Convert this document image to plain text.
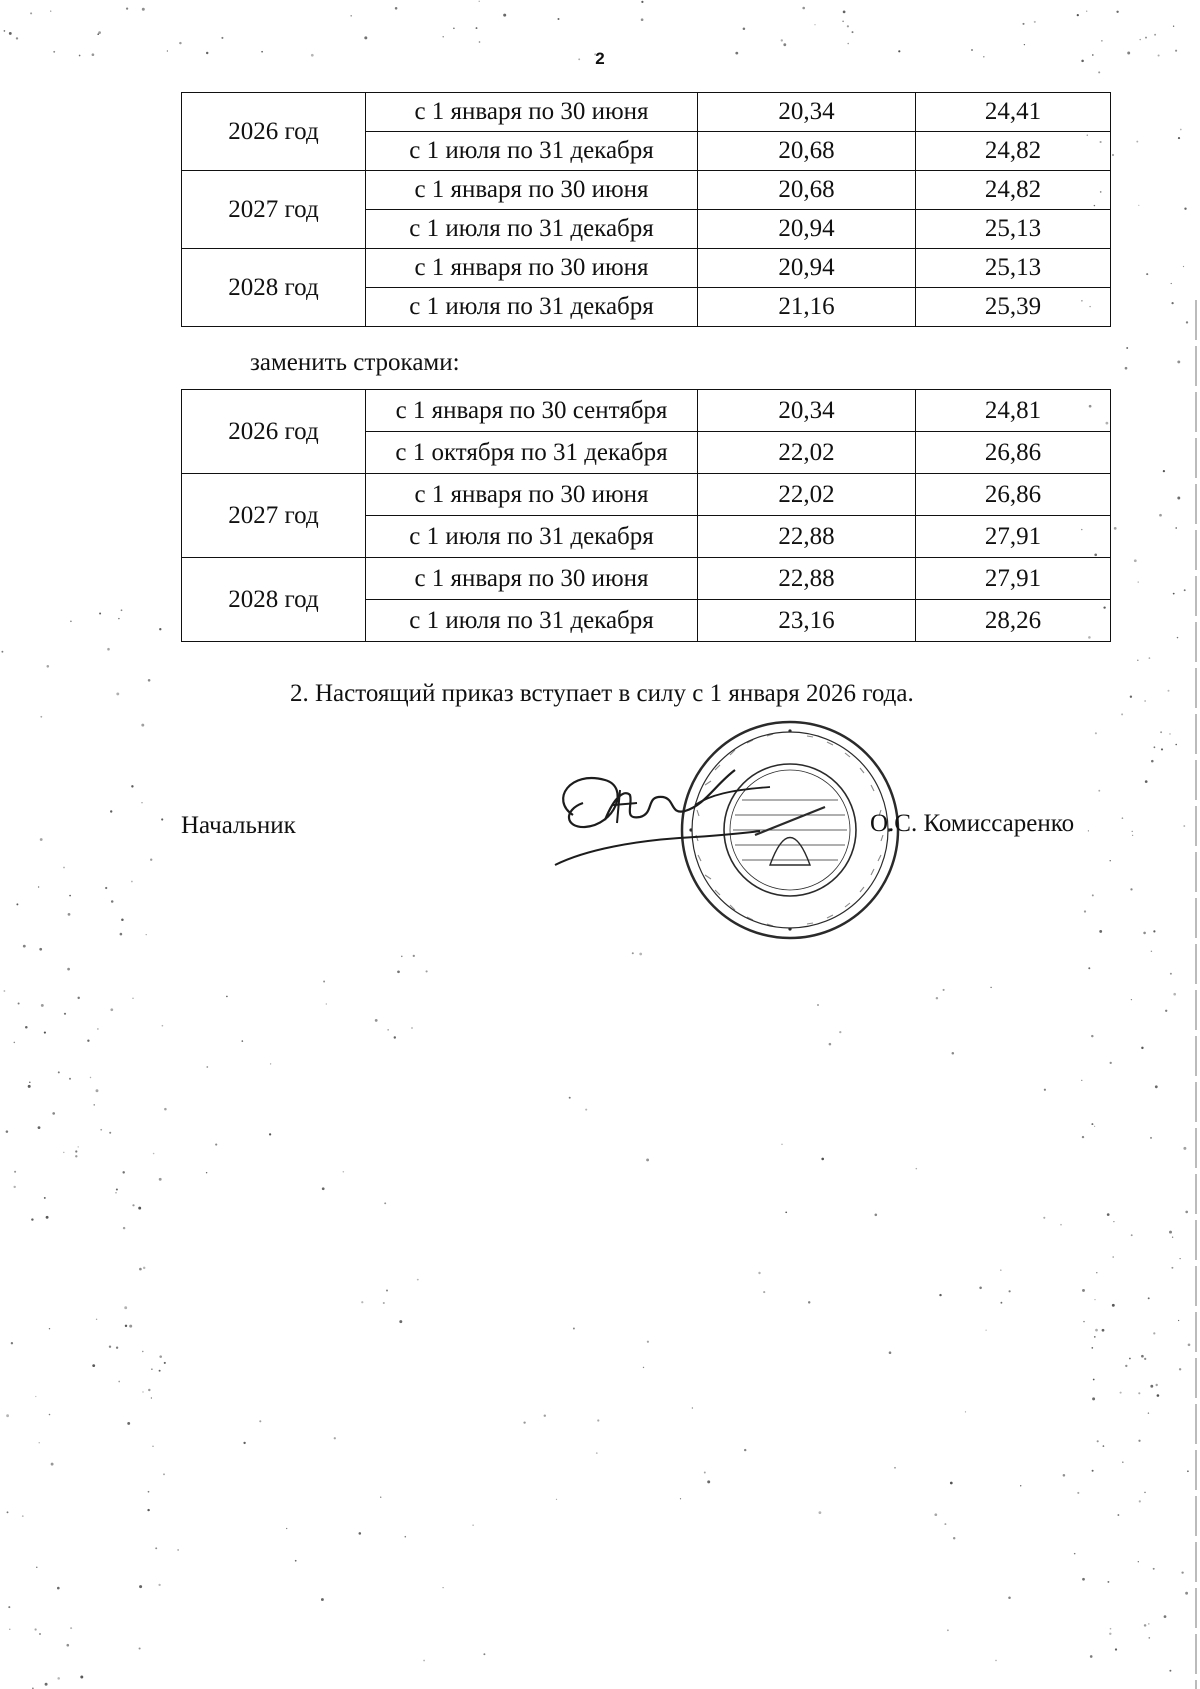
2
2026 год	с 1 января по 30 июня	20,34	24,41
	с 1 июля по 31 декабря	20,68	24,82
2027 год	с 1 января по 30 июня	20,68	24,82
	с 1 июля по 31 декабря	20,94	25,13
2028 год	с 1 января по 30 июня	20,94	25,13
	с 1 июля по 31 декабря	21,16	25,39
заменить строками:
2026 год	с 1 января по 30 сентября	20,34	24,81
	с 1 октября по 31 декабря	22,02	26,86
2027 год	с 1 января по 30 июня	22,02	26,86
	с 1 июля по 31 декабря	22,88	27,91
2028 год	с 1 января по 30 июня	22,88	27,91
	с 1 июля по 31 декабря	23,16	28,26
2. Настоящий приказ вступает в силу с 1 января 2026 года.
Начальник	О.С. Комиссаренко
